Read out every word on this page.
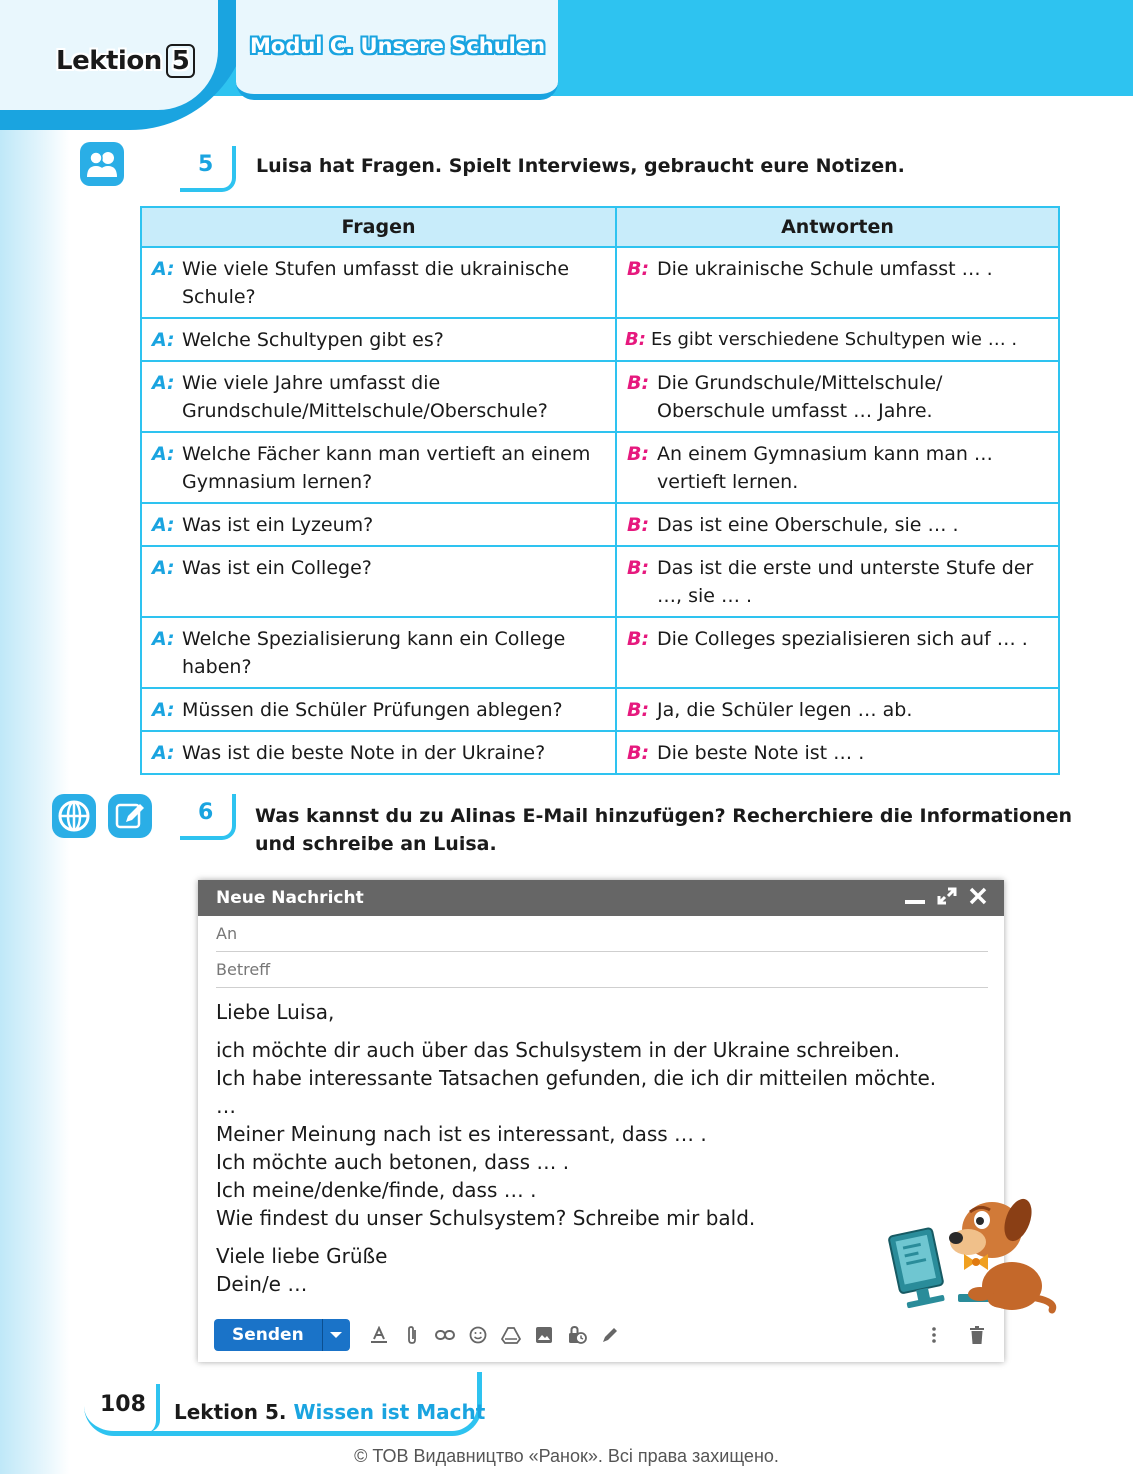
Lektion 5	Modul C. Unsere Schulen
5 Luisa hat Fragen. Spielt Interviews, gebraucht eure Notizen.
Fragen	Antworten

A: Wie viele Stufen umfasst die ukrainische Schule?	B: Die ukrainische Schule umfasst … .

A: Welche Schultypen gibt es?	B: Es gibt verschiedene Schultypen wie … .

A: Wie viele Jahre umfasst die Grundschule/Mittelschule/Oberschule?	B: Die Grundschule/Mittelschule/ Oberschule umfasst … Jahre.

A: Welche Fächer kann man vertieft an einem Gymnasium lernen?	B: An einem Gymnasium kann man … vertieft lernen.

A: Was ist ein Lyzeum?	B: Das ist eine Oberschule, sie … .

A: Was ist ein College?	B: Das ist die erste und unterste Stufe der …, sie … .

A: Welche Spezialisierung kann ein College haben?	B: Die Colleges spezialisieren sich auf … .

A: Müssen die Schüler Prüfungen ablegen?	B: Ja, die Schüler legen … ab.

A: Was ist die beste Note in der Ukraine?	B: Die beste Note ist … .
6 Was kannst du zu Alinas E-Mail hinzufügen? Recherchiere die Informationen
und schreibe an Luisa.
Neue Nachricht
An
Betreff

Liebe Luisa,

ich möchte dir auch über das Schulsystem in der Ukraine schreiben.
Ich habe interessante Tatsachen gefunden, die ich dir mitteilen möchte.
…
Meiner Meinung nach ist es interessant, dass … .
Ich möchte auch betonen, dass … .
Ich meine/denke/finde, dass … .
Wie findest du unser Schulsystem? Schreibe mir bald.

Viele liebe Grüße
Dein/e …

Senden
108 Lektion 5. Wissen ist Macht
© ТОВ Видавництво «Ранок». Всі права захищено.
